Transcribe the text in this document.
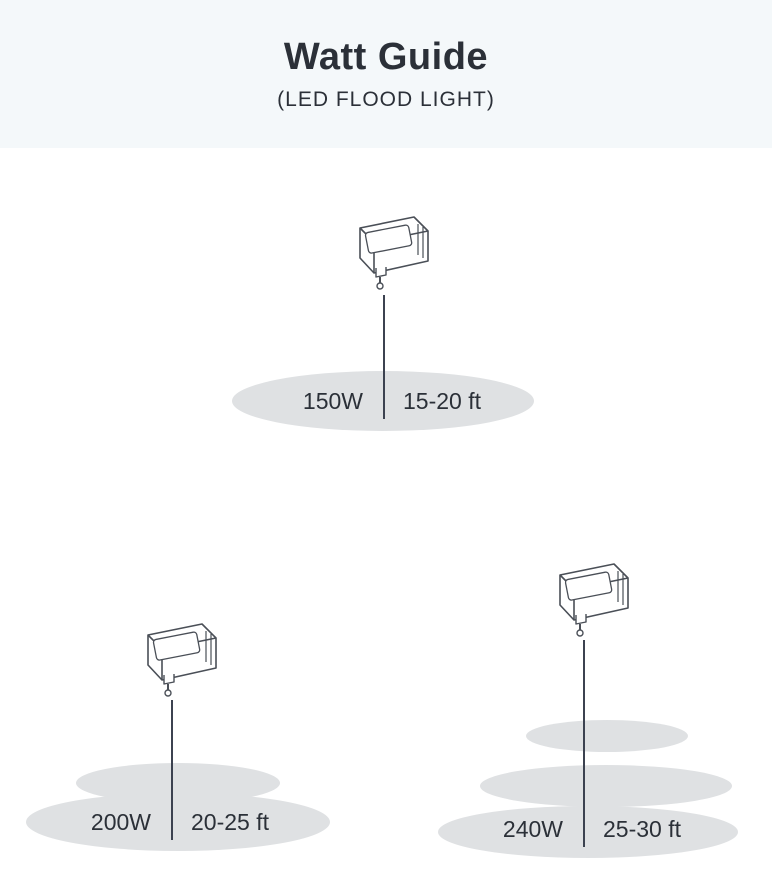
Watt Guide
(LED FLOOD LIGHT)
150W 15-20 ft
200W 20-25 ft	240W 25-30 ft
